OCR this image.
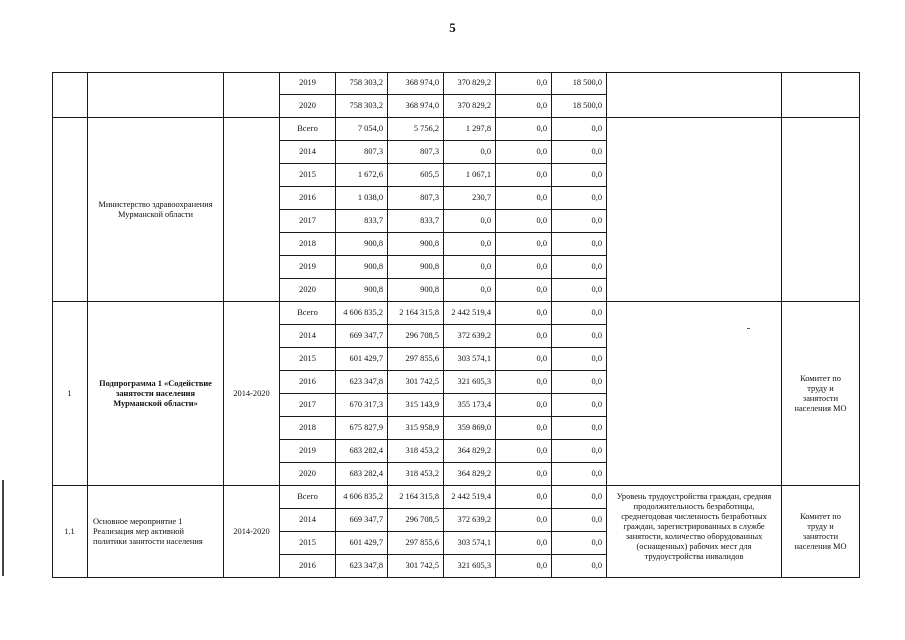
5
2019	758 303,2	368 974,0	370 829,2	0,0	18 500,0
2020	758 303,2	368 974,0	370 829,2	0,0	18 500,0
Министерство здравоохранения Мурманской области
Всего	7 054,0	5 756,2	1 297,8	0,0	0,0
2014	807,3	807,3	0,0	0,0	0,0
2015	1 672,6	605,5	1 067,1	0,0	0,0
2016	1 038,0	807,3	230,7	0,0	0,0
2017	833,7	833,7	0,0	0,0	0,0
2018	900,8	900,8	0,0	0,0	0,0
2019	900,8	900,8	0,0	0,0	0,0
2020	900,8	900,8	0,0	0,0	0,0
1
Подпрограмма 1 «Содействие занятости населения Мурманской области»
2014-2020
Всего	4 606 835,2	2 164 315,8	2 442 519,4	0,0	0,0
2014	669 347,7	296 708,5	372 639,2	0,0	0,0
2015	601 429,7	297 855,6	303 574,1	0,0	0,0
2016	623 347,8	301 742,5	321 605,3	0,0	0,0
2017	670 317,3	315 143,9	355 173,4	0,0	0,0
2018	675 827,9	315 958,9	359 869,0	0,0	0,0
2019	683 282,4	318 453,2	364 829,2	0,0	0,0
2020	683 282,4	318 453,2	364 829,2	0,0	0,0
Комитет по труду и занятости населения МО
1.1
Основное мероприятие 1 Реализация мер активной политики занятости населения
2014-2020
Всего	4 606 835,2	2 164 315,8	2 442 519,4	0,0	0,0
2014	669 347,7	296 708,5	372 639,2	0,0	0,0
2015	601 429,7	297 855,6	303 574,1	0,0	0,0
2016	623 347,8	301 742,5	321 605,3	0,0	0,0
Уровень трудоустройства граждан, средняя продолжительность безработицы, среднегодовая численность безработных граждан, зарегистрированных в службе занятости, количество оборудованных (оснащенных) рабочих мест для трудоустройства инвалидов
Комитет по труду и занятости населения МО
